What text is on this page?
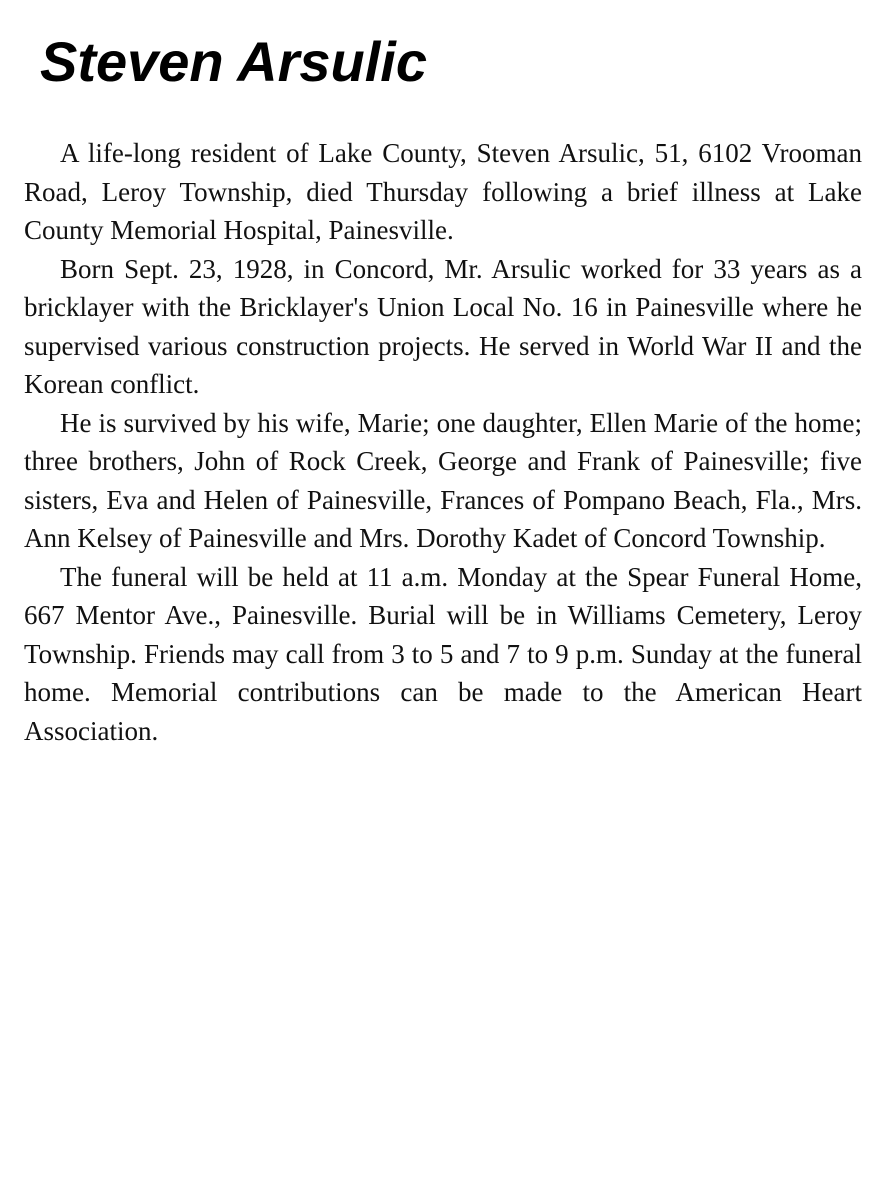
Steven Arsulic

A life-long resident of Lake County, Steven Arsulic, 51, 6102 Vrooman Road, Leroy Township, died Thursday following a brief illness at Lake County Memorial Hospital, Painesville.

Born Sept. 23, 1928, in Concord, Mr. Arsulic worked for 33 years as a bricklayer with the Bricklayer's Union Local No. 16 in Painesville where he supervised various construction projects. He served in World War II and the Korean conflict.

He is survived by his wife, Marie; one daughter, Ellen Marie of the home; three brothers, John of Rock Creek, George and Frank of Painesville; five sisters, Eva and Helen of Painesville, Frances of Pompano Beach, Fla., Mrs. Ann Kelsey of Painesville and Mrs. Dorothy Kadet of Concord Township.

The funeral will be held at 11 a.m. Monday at the Spear Funeral Home, 667 Mentor Ave., Painesville. Burial will be in Williams Cemetery, Leroy Township. Friends may call from 3 to 5 and 7 to 9 p.m. Sunday at the funeral home. Memorial contributions can be made to the American Heart Association.
